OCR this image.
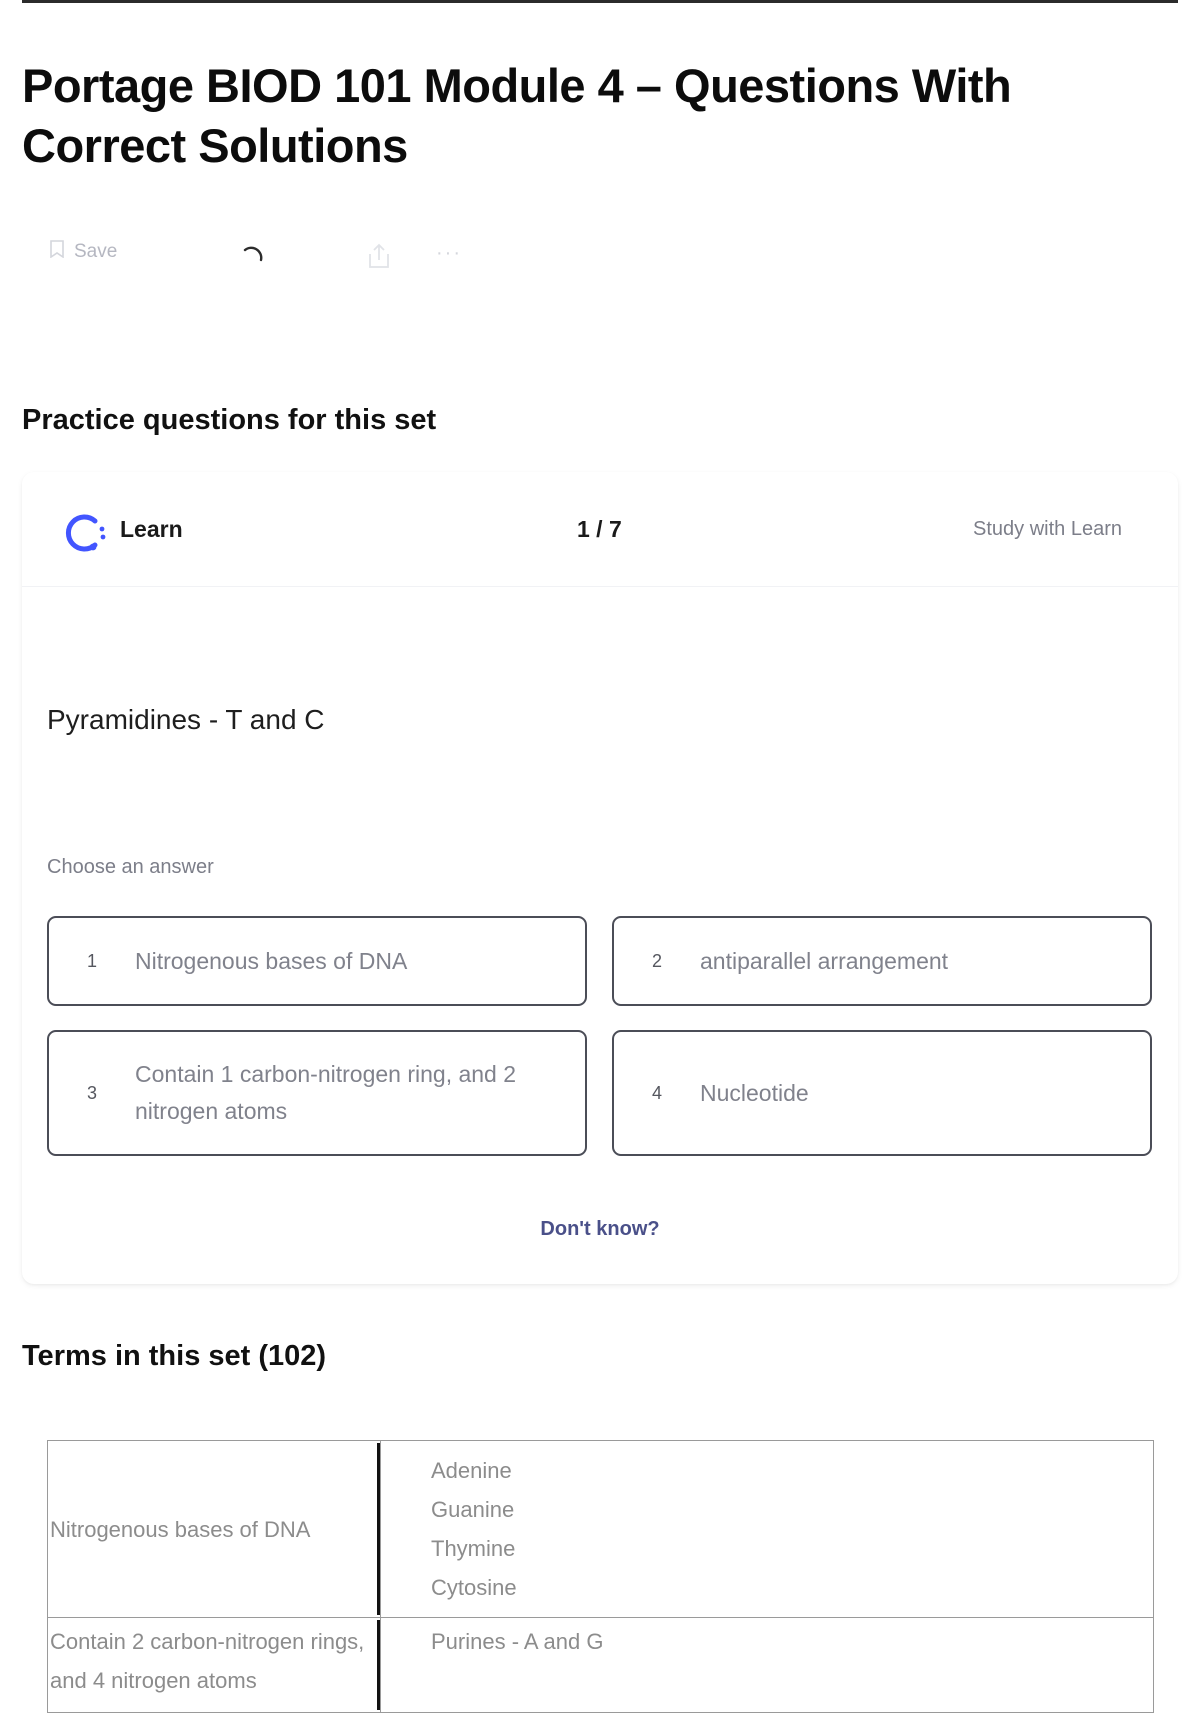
Portage BIOD 101 Module 4 – Questions With Correct Solutions
Save	···
Practice questions for this set
Learn	1 / 7	Study with Learn
Pyramidines - T and C
Choose an answer
1	Nitrogenous bases of DNA	2	antiparallel arrangement
3
Contain 1 carbon-nitrogen ring, and 2 nitrogen atoms
4	Nucleotide
Don't know?
Terms in this set (102)
Nitrogenous bases of DNA	Adenine
Guanine
Thymine
Cytosine

Contain 2 carbon-nitrogen rings, and 4 nitrogen atoms	Purines - A and G
